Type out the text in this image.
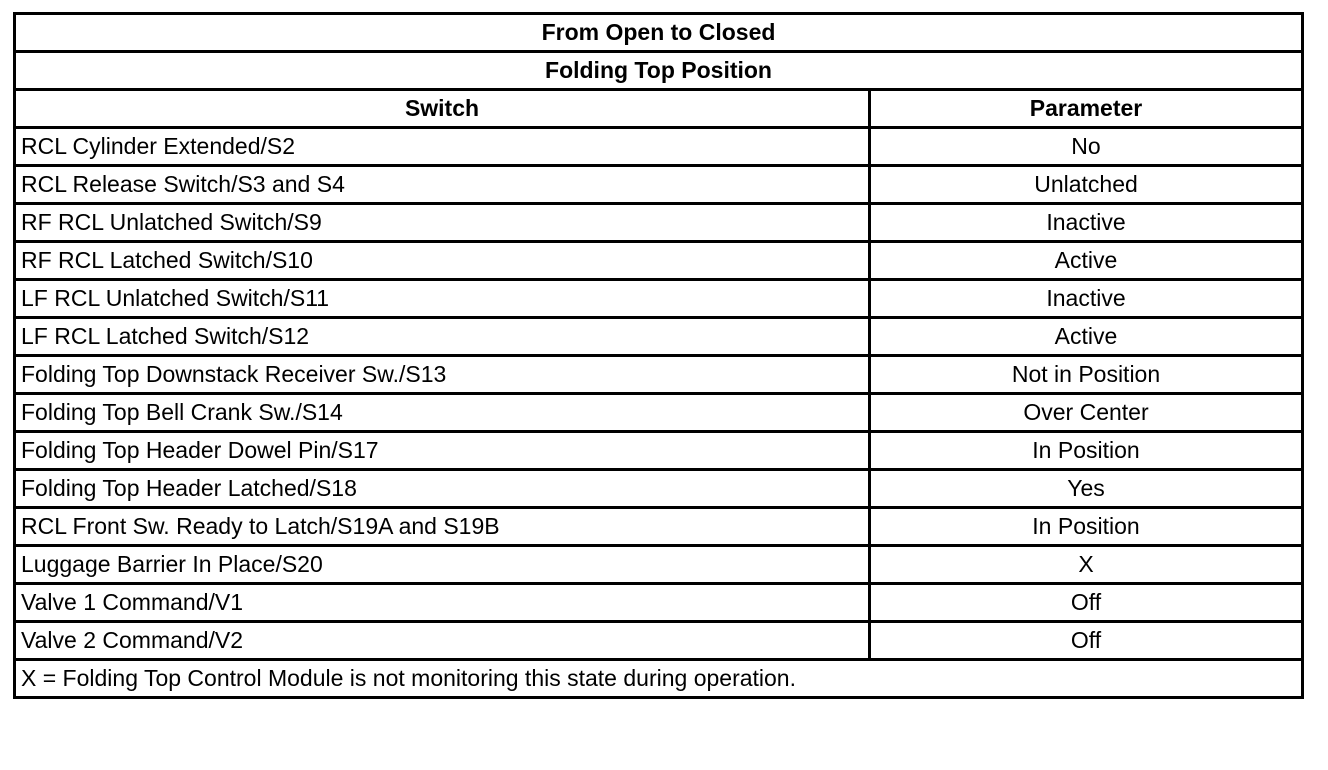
From Open to Closed	
Folding Top Position	
Switch	Parameter
RCL Cylinder Extended/S2	No
RCL Release Switch/S3 and S4	Unlatched
RF RCL Unlatched Switch/S9	Inactive
RF RCL Latched Switch/S10	Active
LF RCL Unlatched Switch/S11	Inactive
LF RCL Latched Switch/S12	Active
Folding Top Downstack Receiver Sw./S13	Not in Position
Folding Top Bell Crank Sw./S14	Over Center
Folding Top Header Dowel Pin/S17	In Position
Folding Top Header Latched/S18	Yes
RCL Front Sw. Ready to Latch/S19A and S19B	In Position
Luggage Barrier In Place/S20	X
Valve 1 Command/V1	Off
Valve 2 Command/V2	Off
X = Folding Top Control Module is not monitoring this state during operation.	
